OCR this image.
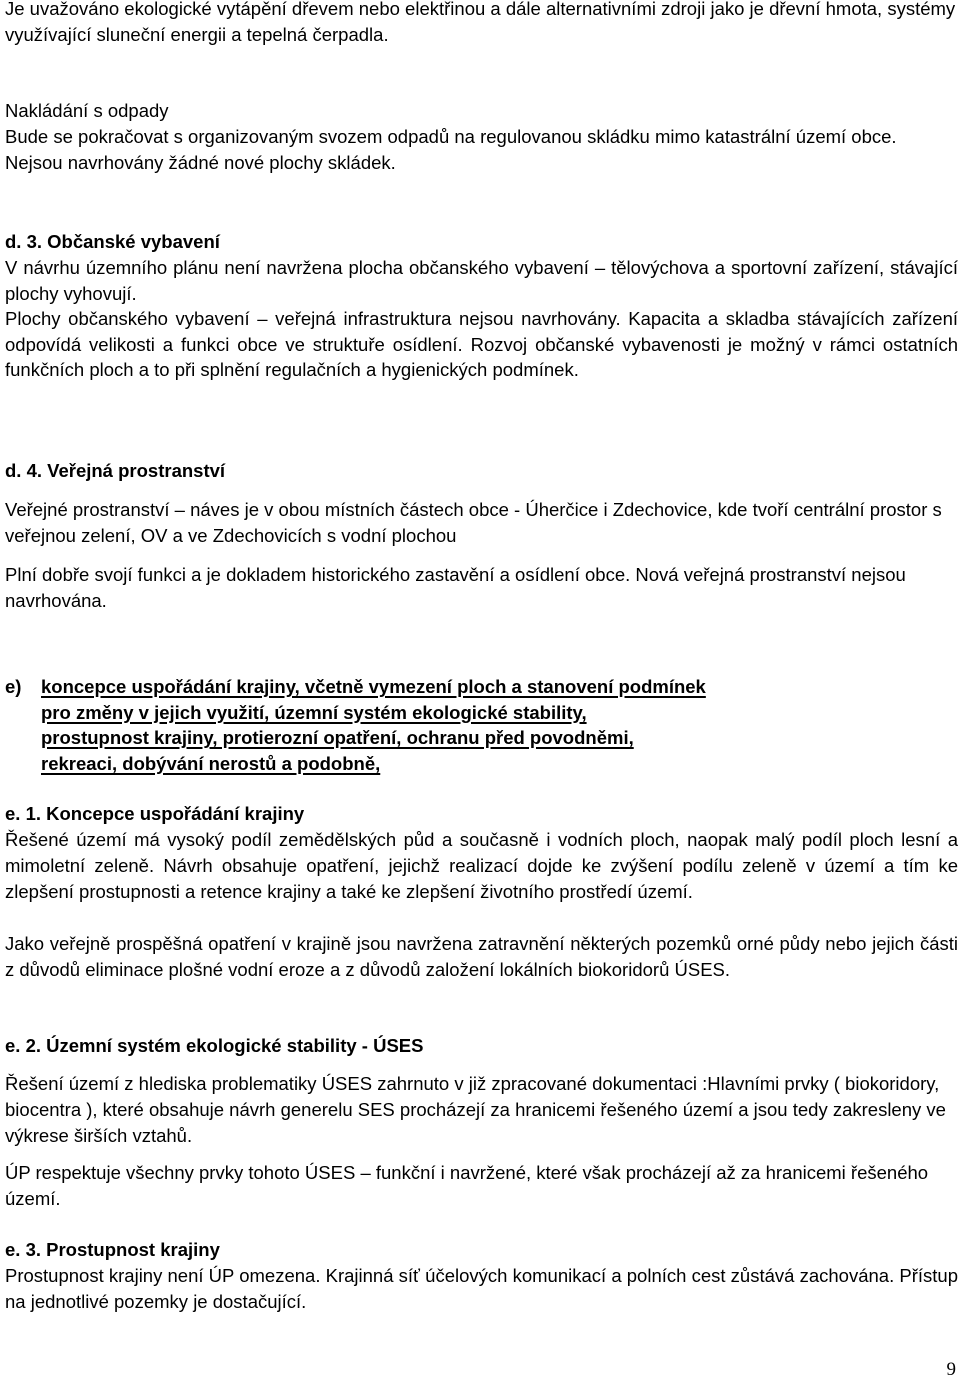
Je uvažováno ekologické vytápění dřevem nebo elektřinou a dále alternativními zdroji jako je dřevní hmota, systémy využívající sluneční energii a tepelná čerpadla.

Nakládání s odpady

Bude se pokračovat s organizovaným svozem odpadů na regulovanou skládku mimo katastrální území obce. Nejsou navrhovány žádné nové plochy skládek.

d. 3. Občanské vybavení

V návrhu územního plánu není navržena plocha občanského vybavení – tělovýchova a sportovní zařízení, stávající plochy vyhovují.

Plochy občanského vybavení – veřejná infrastruktura nejsou navrhovány. Kapacita a skladba stávajících zařízení odpovídá velikosti a funkci obce ve struktuře osídlení. Rozvoj občanské vybavenosti je možný v rámci ostatních funkčních ploch a to při splnění regulačních a hygienických podmínek.

d. 4. Veřejná prostranství

Veřejné prostranství – náves je v obou místních částech obce - Úherčice i Zdechovice, kde tvoří centrální prostor s veřejnou zelení, OV a ve Zdechovicích s vodní plochou

Plní dobře svojí funkci a je dokladem historického zastavění a osídlení obce. Nová veřejná prostranství nejsou navrhována.

e)	koncepce uspořádání krajiny, včetně vymezení ploch a stanovení podmínek
pro změny v jejich využití, územní systém ekologické stability,
prostupnost krajiny, protierozní opatření, ochranu před povodněmi,
rekreaci, dobývání nerostů a podobně,

e. 1. Koncepce uspořádání krajiny

Řešené území má vysoký podíl zemědělských půd a současně i vodních ploch, naopak malý podíl ploch lesní a mimoletní zeleně. Návrh obsahuje opatření, jejichž realizací dojde ke zvýšení podílu zeleně v území a tím ke zlepšení prostupnosti a retence krajiny a také ke zlepšení životního prostředí území.

Jako veřejně prospěšná opatření v krajině jsou navržena zatravnění některých pozemků orné půdy nebo jejich části z důvodů eliminace plošné vodní eroze a z důvodů založení lokálních biokoridorů ÚSES.

e. 2. Územní systém ekologické stability - ÚSES

Řešení území z hlediska problematiky ÚSES zahrnuto v již zpracované dokumentaci :Hlavními prvky ( biokoridory, biocentra ), které obsahuje návrh generelu SES procházejí za hranicemi řešeného území a jsou tedy zakresleny ve výkrese širších vztahů.

ÚP respektuje všechny prvky tohoto ÚSES – funkční i navržené, které však procházejí až za hranicemi řešeného území.

e. 3. Prostupnost krajiny

Prostupnost krajiny není ÚP omezena. Krajinná síť účelových komunikací a polních cest zůstává zachována. Přístup na jednotlivé pozemky je dostačující.

9
